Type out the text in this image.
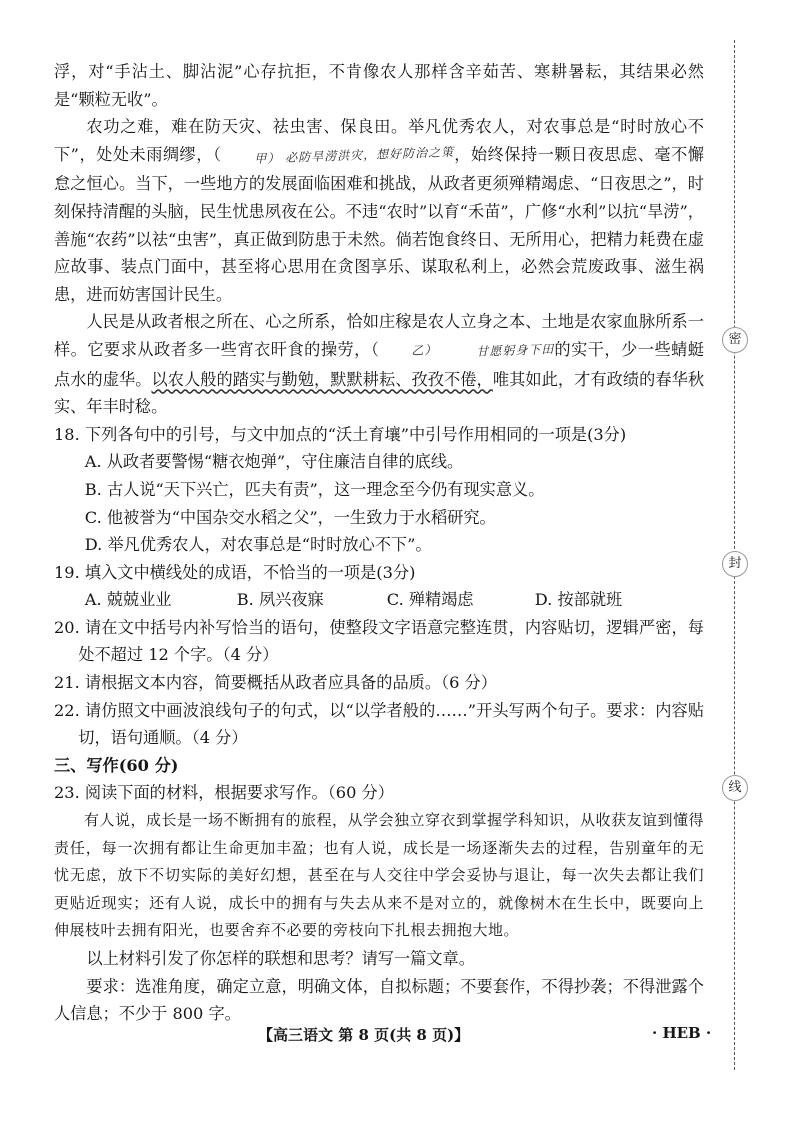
浮，对“手沾土、脚沾泥”心存抗拒，不肯像农人那样含辛茹苦、寒耕暑耘，其结果必然是“颗粒无收”。

农功之难，难在防天灾、祛虫害、保良田。举凡优秀农人，对农事总是“时时放心不下”，处处未雨绸缪，（	甲） 必防旱涝洪灾，想好防治之策，始终保持一颗日夜思虑、毫不懈怠之恒心。当下，一些地方的发展面临困难和挑战，从政者更须殚精竭虑、“日夜思之”，时刻保持清醒的头脑，民生忧患夙夜在公。不违“农时”以育“禾苗”，广修“水利”以抗“旱涝”，善施“农药”以祛“虫害”，真正做到防患于未然。倘若饱食终日、无所用心，把精力耗费在虚应故事、装点门面中，甚至将心思用在贪图享乐、谋取私利上，必然会荒废政事、滋生祸患，进而妨害国计民生。

人民是从政者根之所在、心之所系，恰如庄稼是农人立身之本、土地是农家血脉所系一样。它要求从政者多一些宵衣旰食的操劳，（	乙）	甘愿躬身下田的实干，少一些蜻蜓点水的虚华。以农人般的踏实与勤勉，默默耕耘、孜孜不倦，唯其如此，才有政绩的春华秋实、年丰时稔。

18. 下列各句中的引号，与文中加点的“沃土育壤”中引号作用相同的一项是(3分)

A. 从政者要警惕“糖衣炮弹”，守住廉洁自律的底线。

B. 古人说“天下兴亡，匹夫有责”，这一理念至今仍有现实意义。

C. 他被誉为“中国杂交水稻之父”，一生致力于水稻研究。

D. 举凡优秀农人，对农事总是“时时放心不下”。

19. 填入文中横线处的成语，不恰当的一项是(3分)

A. 兢兢业业	B. 夙兴夜寐	C. 殚精竭虑	D. 按部就班

20. 请在文中括号内补写恰当的语句，使整段文字语意完整连贯，内容贴切，逻辑严密，每处不超过 12 个字。（4 分）

21. 请根据文本内容，简要概括从政者应具备的品质。（6 分）

22. 请仿照文中画波浪线句子的句式，以“以学者般的……”开头写两个句子。要求：内容贴切，语句通顺。（4 分）

三、写作(60 分)

23. 阅读下面的材料，根据要求写作。（60 分）

有人说，成长是一场不断拥有的旅程，从学会独立穿衣到掌握学科知识，从收获友谊到懂得责任，每一次拥有都让生命更加丰盈；也有人说，成长是一场逐渐失去的过程，告别童年的无忧无虑，放下不切实际的美好幻想，甚至在与人交往中学会妥协与退让，每一次失去都让我们更贴近现实；还有人说，成长中的拥有与失去从来不是对立的，就像树木在生长中，既要向上伸展枝叶去拥有阳光，也要舍弃不必要的旁枝向下扎根去拥抱大地。

以上材料引发了你怎样的联想和思考？请写一篇文章。

要求：选准角度，确定立意，明确文体，自拟标题；不要套作，不得抄袭；不得泄露个人信息；不少于 800 字。

密
封
线
【高三语文 第 8 页(共 8 页)】	· HEB ·
